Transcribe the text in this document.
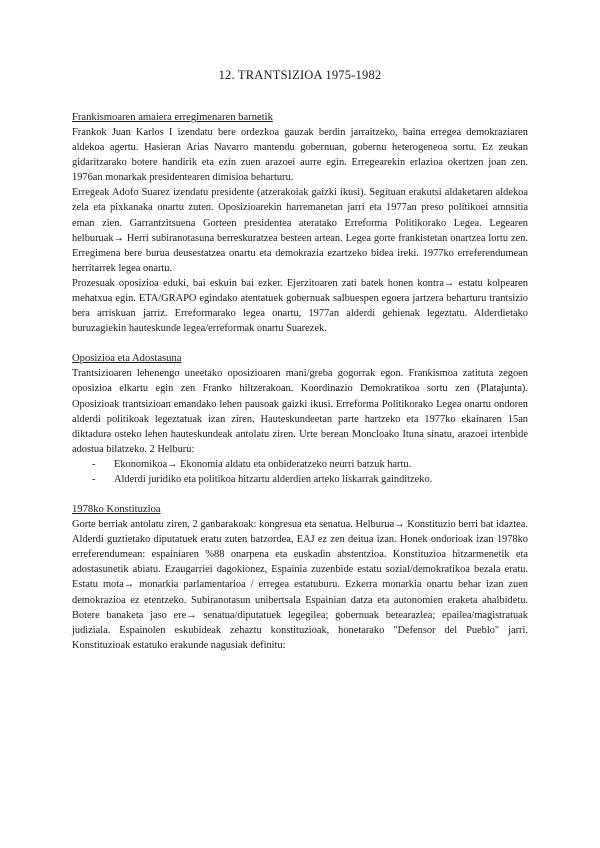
12. TRANTSIZIOA 1975-1982

Frankismoaren amaiera erregimenaren barnetik

Frankok Juan Karlos I izendatu bere ordezkoa gauzak berdin jarraitzeko, baina erregea demokraziaren aldekoa agertu. Hasieran Arias Navarro mantendu gobernuan, gobernu heterogeneoa sortu. Ez zeukan gidaritzarako botere handirik eta ezin zuen arazoei aurre egin. Erregearekin erlazioa okertzen joan zen. 1976an monarkak presidentearen dimisioa beharturu.

Erregeak Adofo Suarez izendatu presidente (atzerakoiak gaizki ikusi). Segituan erakutsi aldaketaren aldekoa zela eta pixkanaka onartu zuten. Oposizioarekin harremanetan jarri eta 1977an preso politikoei amnsitia eman zien. Garrantzitsuena Gorteen presidentea ateratako Erreforma Politikorako Legea. Legearen helburuak→ Herri subiranotasuna berreskuratzea besteen artean. Legea gorte frankistetan onartzea lortu zen. Erregimena bere burua deusestatzea onartu eta demokrazia ezartzeko bidea ireki. 1977ko erreferendumean herritarrek legea onartu.

Prozesuak oposizioa eduki, bai eskuin bai ezker. Ejerzitoaren zati batek honen kontra→ estatu kolpearen mehatxua egin. ETA/GRAPO egindako atentatuek gobernuak salbuespen egoera jartzera beharturu trantsizio bera arriskuan jarriz. Erreformarako legea onartu, 1977an alderdi gehienak legeztatu. Alderdietako buruzagiekin hauteskunde legea/erreformak onartu Suarezek.

Oposizioa eta Adostasuna

Trantsizioaren lehenengo uneetako oposizioaren mani/greba gogorrak egon. Frankismoa zatituta zegoen oposizioa elkartu egin zen Franko hiltzerakoan. Koordinazio Demokratikoa sortu zen (Platajunta). Oposizioak trantsizioan emandako lehen pausoak gaizki ikusi. Erreforma Politikorako Legea onartu ondoren alderdi politikoak legeztatuak izan ziren. Hauteskundeetan parte hartzeko eta 1977ko ekainaren 15an diktadura osteko lehen hauteskundeak antolatu ziren. Urte berean Moncloako Ituna sinatu, arazoei irtenbide adostua bilatzeko. 2 Helburu:

- Ekonomikoa→ Ekonomia aldatu eta onbideratzeko neurri batzuk hartu.
- Alderdi juridiko eta politikoa hitzartu alderdien arteko liskarrak gainditzeko.

1978ko Konstituzioa

Gorte berriak antolatu ziren, 2 ganbarakoak: kongresua eta senatua. Helburua→ Konstituzio berri bat idaztea. Alderdi guztietako diputatuek eratu zuten batzordea, EAJ ez zen deitua izan. Honek ondorioak izan 1978ko erreferendumean: espainiaren %88 onarpena eta euskadin abstentzioa. Konstituzioa hitzarmenetik eta adostasunetik abiatu. Ezaugarriei dagokionez, Espainia zuzenbide estatu sozial/demokratikoa bezala eratu. Estatu mota→ monarkia parlamentarioa / erregea estatuburu. Ezkerra monarkia onartu behar izan zuen demokrazioa ez etentzeko. Subiranotasun unibertsala Espainian datza eta autonomien eraketa ahalbidetu. Botere banaketa jaso ere→ senatua/diputatuek legegilea; gobernuak betearazlea; epailea/magistratuak judiziala. Espainolen eskubideak zehaztu konstituzioak, honetarako "Defensor del Pueblo" jarri. Konstituzioak estatuko erakunde nagusiak definitu:
